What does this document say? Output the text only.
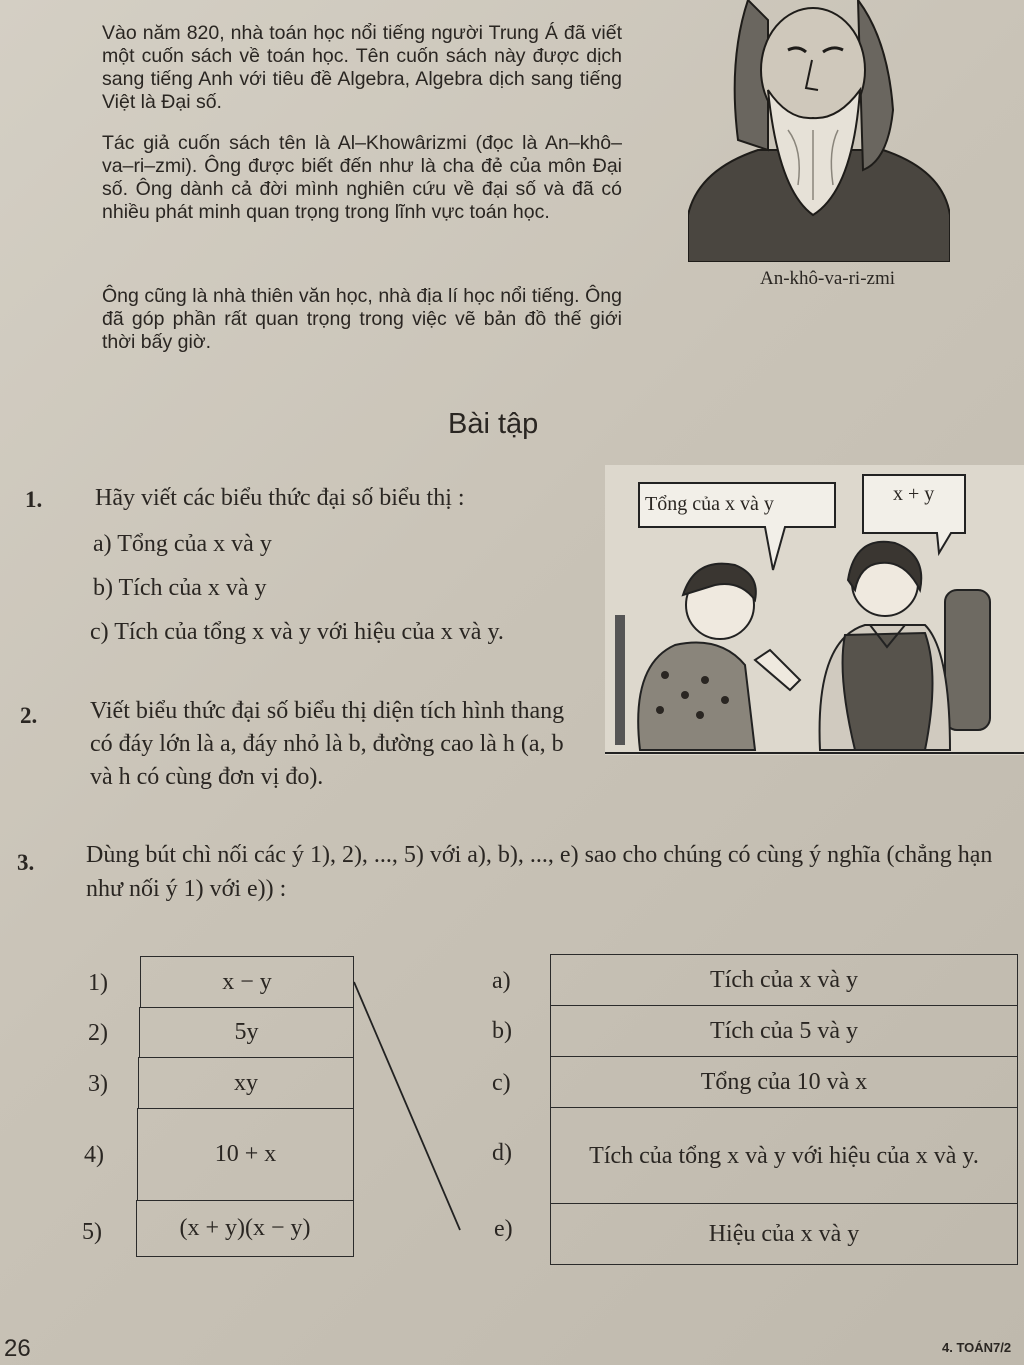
Vào năm 820, nhà toán học nổi tiếng người Trung Á đã viết một cuốn sách về toán học. Tên cuốn sách này được dịch sang tiếng Anh với tiêu đề Algebra, Algebra dịch sang tiếng Việt là Đại số.

Tác giả cuốn sách tên là Al–Khowârizmi (đọc là An–khô–va–ri–zmi). Ông được biết đến như là cha đẻ của môn Đại số. Ông dành cả đời mình nghiên cứu về đại số và đã có nhiều phát minh quan trọng trong lĩnh vực toán học.

Ông cũng là nhà thiên văn học, nhà địa lí học nổi tiếng. Ông đã góp phần rất quan trọng trong việc vẽ bản đồ thế giới thời bấy giờ.

An-khô-va-ri-zmi
Bài tập
1. Hãy viết các biểu thức đại số biểu thị :
a) Tổng của x và y
b) Tích của x và y
c) Tích của tổng x và y với hiệu của x và y.
2. Viết biểu thức đại số biểu thị diện tích hình thang có đáy lớn là a, đáy nhỏ là b, đường cao là h (a, b và h có cùng đơn vị đo).
Tổng của x và y	x + y
3. Dùng bút chì nối các ý 1), 2), ..., 5) với a), b), ..., e) sao cho chúng có cùng ý nghĩa (chẳng hạn như nối ý 1) với e)) :
1)
2)
3)
4)
5)
x − y
5y
xy
10 + x
(x + y)(x − y)
a)
b)
c)
d)
e)
Tích của x và y
Tích của 5 và y
Tổng của 10 và x
Tích của tổng x và y với hiệu của x và y.
Hiệu của x và y
26	4. TOÁN7/2
